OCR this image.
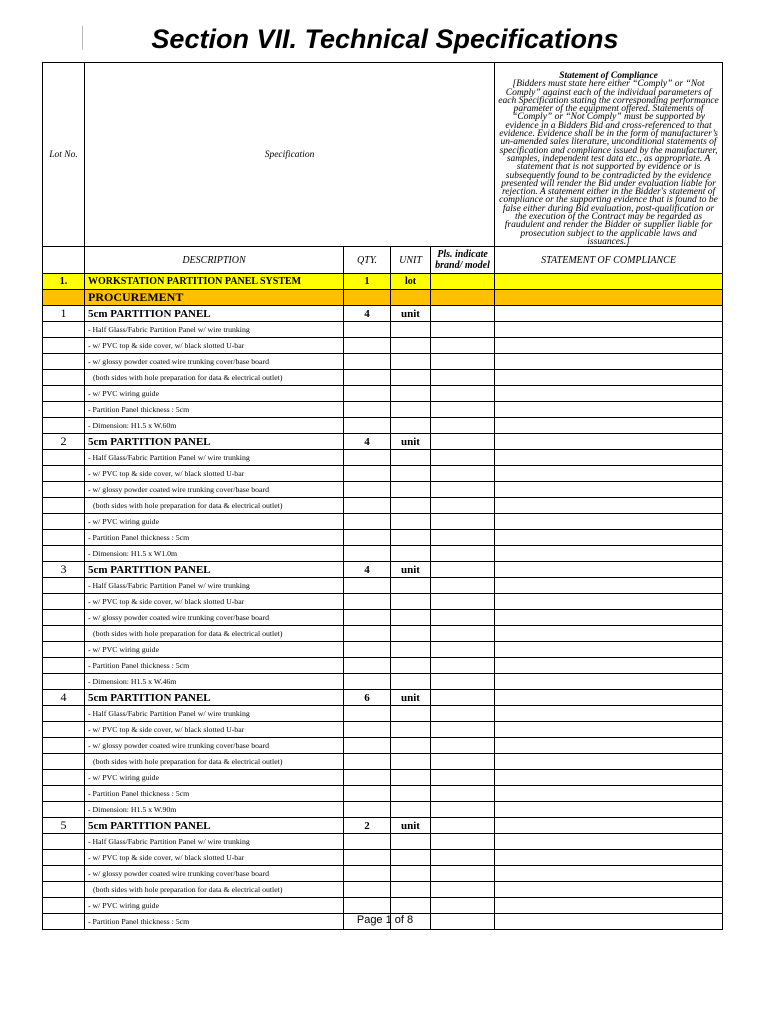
Section VII. Technical Specifications
Lot No.	Specification				Statement of Compliance
[Bidders must state here either “Comply” or “Not Comply” against each of the individual parameters of each Specification stating the corresponding performance parameter of the equipment offered. Statements of “Comply” or “Not Comply” must be supported by evidence in a Bidders Bid and cross-referenced to that evidence. Evidence shall be in the form of manufacturer’s un-amended sales literature, unconditional statements of specification and compliance issued by the manufacturer, samples, independent test data etc., as appropriate. A statement that is not supported by evidence or is subsequently found to be contradicted by the evidence presented will render the Bid under evaluation liable for rejection. A statement either in the Bidder's statement of compliance or the supporting evidence that is found to be false either during Bid evaluation, post-qualification or the execution of the Contract may be regarded as fraudulent and render the Bidder or supplier liable for prosecution subject to the applicable laws and issuances.]
	DESCRIPTION	QTY.	UNIT	Pls. indicate brand/ model	STATEMENT OF COMPLIANCE
1.	WORKSTATION PARTITION PANEL SYSTEM	1	lot		
	PROCUREMENT				
1	5cm PARTITION PANEL	4	unit		
	- Half Glass/Fabric Partition Panel w/ wire trunking				
	- w/ PVC top & side cover, w/ black slotted U-bar				
	- w/ glossy powder coated wire trunking cover/base board				
	(both sides with hole preparation for data & electrical outlet)				
	- w/ PVC wiring guide				
	- Partition Panel thickness : 5cm				
	- Dimension: H1.5 x W.60m				
2	5cm PARTITION PANEL	4	unit		
	- Half Glass/Fabric Partition Panel w/ wire trunking				
	- w/ PVC top & side cover, w/ black slotted U-bar				
	- w/ glossy powder coated wire trunking cover/base board				
	(both sides with hole preparation for data & electrical outlet)				
	- w/ PVC wiring guide				
	- Partition Panel thickness : 5cm				
	- Dimension: H1.5 x W1.0m				
3	5cm PARTITION PANEL	4	unit		
	- Half Glass/Fabric Partition Panel w/ wire trunking				
	- w/ PVC top & side cover, w/ black slotted U-bar				
	- w/ glossy powder coated wire trunking cover/base board				
	(both sides with hole preparation for data & electrical outlet)				
	- w/ PVC wiring guide				
	- Partition Panel thickness : 5cm				
	- Dimension: H1.5 x W.46m				
4	5cm PARTITION PANEL	6	unit		
	- Half Glass/Fabric Partition Panel w/ wire trunking				
	- w/ PVC top & side cover, w/ black slotted U-bar				
	- w/ glossy powder coated wire trunking cover/base board				
	(both sides with hole preparation for data & electrical outlet)				
	- w/ PVC wiring guide				
	- Partition Panel thickness : 5cm				
	- Dimension: H1.5 x W.90m				
5	5cm PARTITION PANEL	2	unit		
	- Half Glass/Fabric Partition Panel w/ wire trunking				
	- w/ PVC top & side cover, w/ black slotted U-bar				
	- w/ glossy powder coated wire trunking cover/base board				
	(both sides with hole preparation for data & electrical outlet)				
	- w/ PVC wiring guide				
	- Partition Panel thickness : 5cm					Page 1 of 8
